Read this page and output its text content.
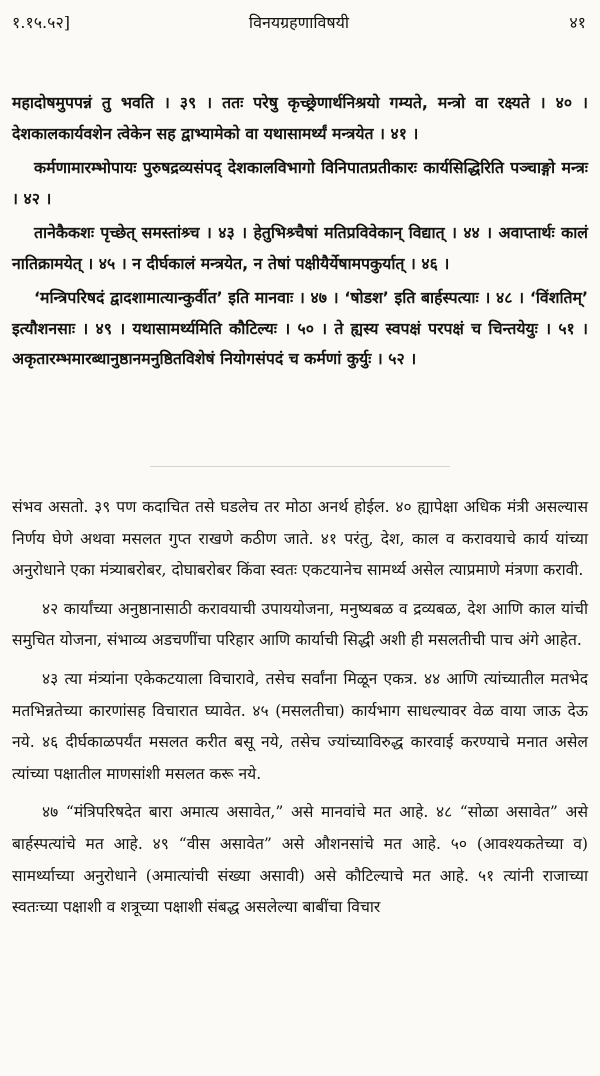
१.१५.५२]	विनयग्रहणाविषयी	४१

महादोषमुपपन्नं तु भवति । ३९ । ततः परेषु कृच्छ्रेणार्थनिश्रयो गम्यते, मन्त्रो वा रक्ष्यते । ४० । देशकालकार्यवशेन त्वेकेन सह द्वाभ्यामेको वा यथासामर्थ्यं मन्त्रयेत । ४१ ।

कर्मणामारम्भोपायः पुरुषद्रव्यसंपद् देशकालविभागो विनिपातप्रतीकारः कार्यसिद्धिरिति पञ्चाङ्गो मन्त्रः । ४२ ।

तानेकैकशः पृच्छेत् समस्तांश्र्च । ४३ । हेतुभिश्र्चैषां मतिप्रविवेकान् विद्यात् । ४४ । अवाप्तार्थः कालं नातिक्रामयेत् । ४५ । न दीर्घकालं मन्त्रयेत, न तेषां पक्षीयैर्येषामपकुर्यात् । ४६ ।

‘मन्त्रिपरिषदं द्वादशामात्यान्कुर्वीत’ इति मानवाः । ४७ । ‘षोडश’ इति बार्हस्पत्याः । ४८ । ‘विंशतिम्’ इत्यौशनसाः । ४९ । यथासामर्थ्यमिति कौटिल्यः । ५० । ते ह्यस्य स्वपक्षं परपक्षं च चिन्तयेयुः । ५१ । अकृतारम्भमारब्धानुष्ठानमनुष्ठितविशेषं नियोगसंपदं च कर्मणां कुर्युः । ५२ ।

संभव असतो. ३९ पण कदाचित तसे घडलेच तर मोठा अनर्थ होईल. ४० ह्यापेक्षा अधिक मंत्री असल्यास निर्णय घेणे अथवा मसलत गुप्त राखणे कठीण जाते. ४१ परंतु, देश, काल व करावयाचे कार्य यांच्या अनुरोधाने एका मंत्र्याबरोबर, दोघाबरोबर किंवा स्वतः एकटयानेच सामर्थ्य असेल त्याप्रमाणे मंत्रणा करावी.

४२ कार्यांच्या अनुष्ठानासाठी करावयाची उपाययोजना, मनुष्यबळ व द्रव्यबळ, देश आणि काल यांची समुचित योजना, संभाव्य अडचणींचा परिहार आणि कार्याची सिद्धी अशी ही मसलतीची पाच अंगे आहेत.

४३ त्या मंत्र्यांना एकेकटयाला विचारावे, तसेच सर्वांना मिळून एकत्र. ४४ आणि त्यांच्यातील मतभेद मतभिन्नतेच्या कारणांसह विचारात घ्यावेत. ४५ (मसलतीचा) कार्यभाग साधल्यावर वेळ वाया जाऊ देऊ नये. ४६ दीर्घकाळपर्यंत मसलत करीत बसू नये, तसेच ज्यांच्याविरुद्ध कारवाई करण्याचे मनात असेल त्यांच्या पक्षातील माणसांशी मसलत करू नये.

४७ “मंत्रिपरिषदेत बारा अमात्य असावेत,” असे मानवांचे मत आहे. ४८ “सोळा असावेत” असे बार्हस्पत्यांचे मत आहे. ४९ “वीस असावेत” असे औशनसांचे मत आहे. ५० (आवश्यकतेच्या व) सामर्थ्याच्या अनुरोधाने (अमात्यांची संख्या असावी) असे कौटिल्याचे मत आहे. ५१ त्यांनी राजाच्या स्वतःच्या पक्षाशी व शत्रूच्या पक्षाशी संबद्ध असलेल्या बाबींचा विचार
